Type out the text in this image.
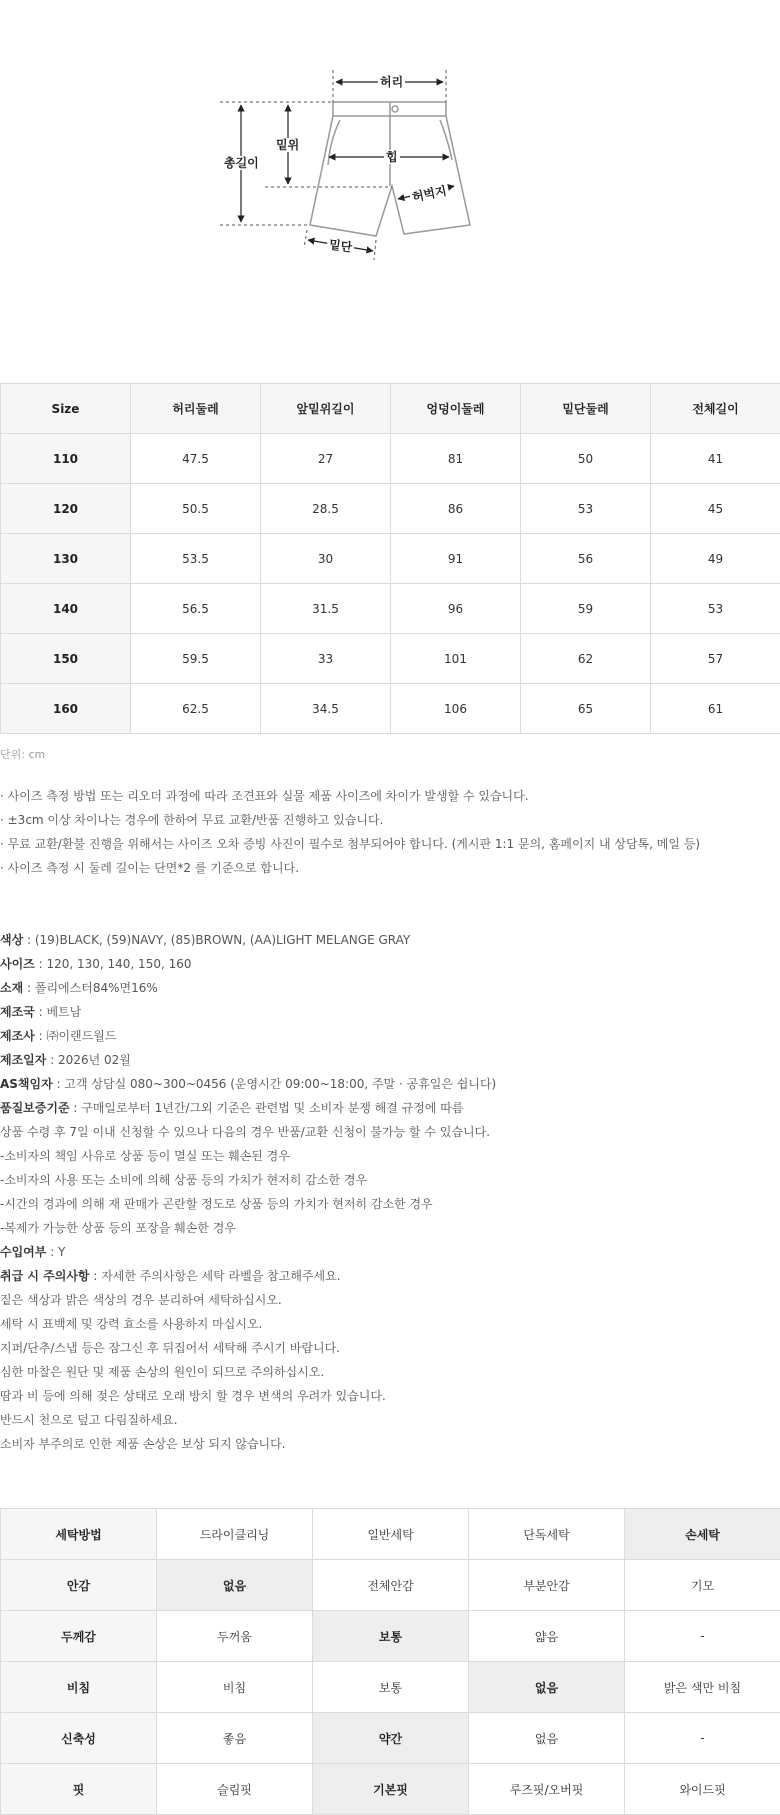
허리
밑위
총길이	힙
허벅지
밑단
Size	허리둘레	앞밑위길이	엉덩이둘레	밑단둘레	전체길이
110	47.5	27	81	50	41
120	50.5	28.5	86	53	45
130	53.5	30	91	56	49
140	56.5	31.5	96	59	53
150	59.5	33	101	62	57
160	62.5	34.5	106	65	61
단위: cm
· 사이즈 측정 방법 또는 리오더 과정에 따라 조견표와 실물 제품 사이즈에 차이가 발생할 수 있습니다.
· ±3cm 이상 차이나는 경우에 한하여 무료 교환/반품 진행하고 있습니다.
· 무료 교환/환불 진행을 위해서는 사이즈 오차 증빙 사진이 필수로 첨부되어야 합니다. (게시판 1:1 문의, 홈페이지 내 상담톡, 메일 등)
· 사이즈 측정 시 둘레 길이는 단면*2 를 기준으로 합니다.
색상 : (19)BLACK, (59)NAVY, (85)BROWN, (AA)LIGHT MELANGE GRAY
사이즈 : 120, 130, 140, 150, 160
소재 : 폴리에스터84%면16%
제조국 : 베트남
제조사 : ㈜이랜드월드
제조일자 : 2026년 02월
AS책임자 : 고객 상담실 080~300~0456 (운영시간 09:00~18:00, 주말 · 공휴일은 쉽니다)
품질보증기준 : 구매일로부터 1년간/그외 기준은 관련법 및 소비자 분쟁 해결 규정에 따름
상품 수령 후 7일 이내 신청할 수 있으나 다음의 경우 반품/교환 신청이 불가능 할 수 있습니다.
-소비자의 책임 사유로 상품 등이 멸실 또는 훼손된 경우
-소비자의 사용 또는 소비에 의해 상품 등의 가치가 현저히 감소한 경우
-시간의 경과에 의해 재 판매가 곤란할 정도로 상품 등의 가치가 현저히 감소한 경우
-복제가 가능한 상품 등의 포장을 훼손한 경우
수입여부 : Y
취급 시 주의사항 : 자세한 주의사항은 세탁 라벨을 참고해주세요.
짙은 색상과 밝은 색상의 경우 분리하여 세탁하십시오.
세탁 시 표백제 및 강력 효소를 사용하지 마십시오.
지퍼/단추/스냅 등은 잠그신 후 뒤집어서 세탁해 주시기 바랍니다.
심한 마찰은 원단 및 제품 손상의 원인이 되므로 주의하십시오.
땀과 비 등에 의해 젖은 상태로 오래 방치 할 경우 변색의 우려가 있습니다.
반드시 천으로 덮고 다림질하세요.
소비자 부주의로 인한 제품 손상은 보상 되지 않습니다.
세탁방법	드라이클리닝	일반세탁	단독세탁	손세탁
안감	없음	전체안감	부분안감	기모
두께감	두꺼움	보통	얇음	-
비침	비침	보통	없음	밝은 색만 비침
신축성	좋음	약간	없음	-
핏	슬림핏	기본핏	루즈핏/오버핏	와이드핏
